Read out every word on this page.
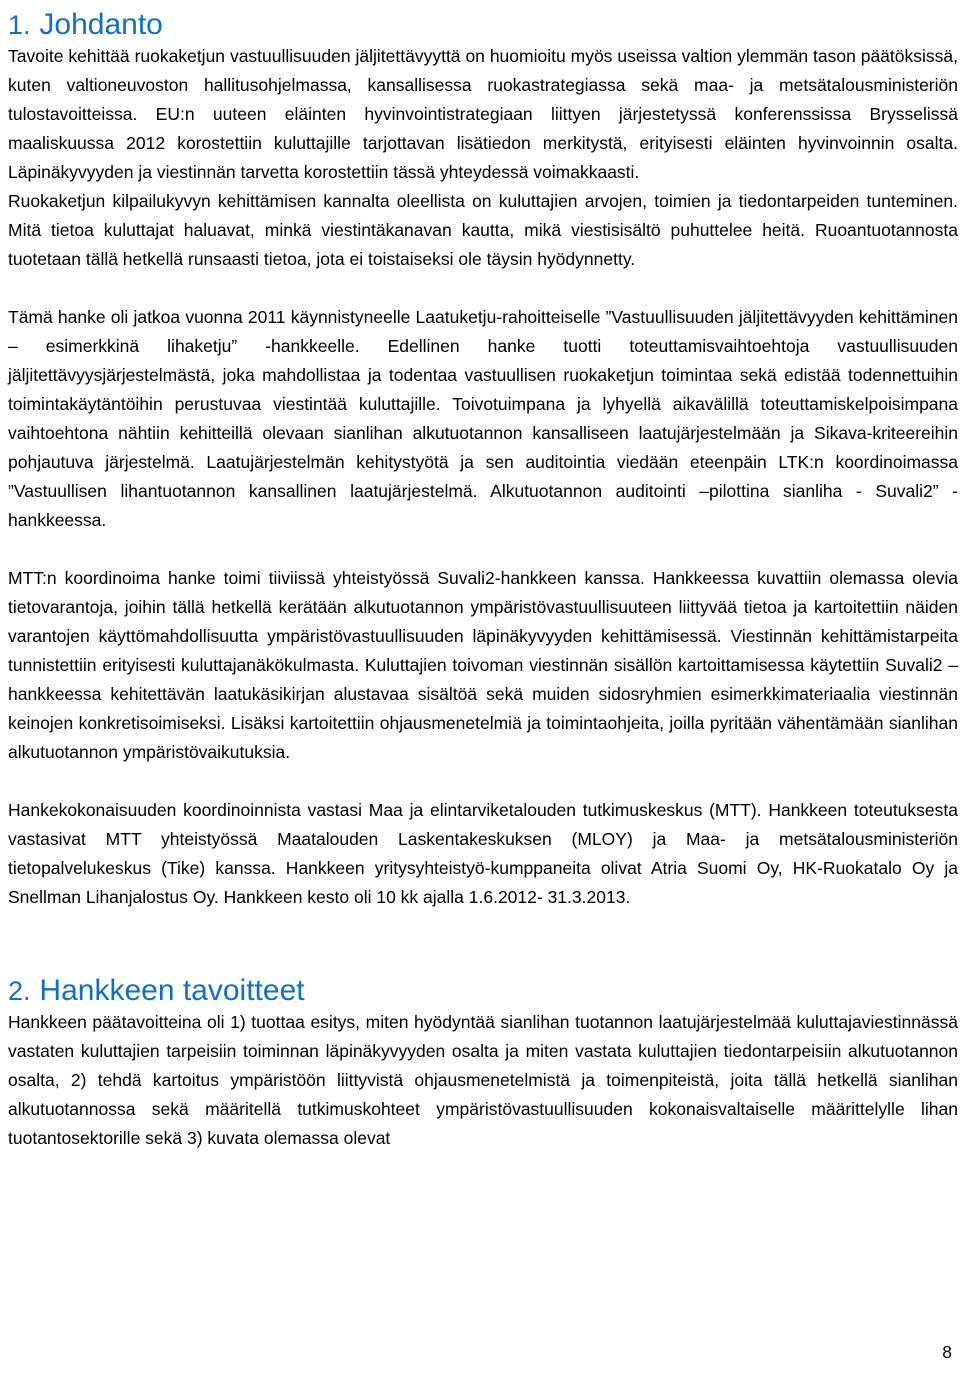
1. Johdanto

Tavoite kehittää ruokaketjun vastuullisuuden jäljitettävyyttä on huomioitu myös useissa valtion ylemmän tason päätöksissä, kuten valtioneuvoston hallitusohjelmassa, kansallisessa ruokastrategiassa sekä maa- ja metsätalousministeriön tulostavoitteissa. EU:n uuteen eläinten hyvinvointistrategiaan liittyen järjestetyssä konferenssissa Brysselissä maaliskuussa 2012 korostettiin kuluttajille tarjottavan lisätiedon merkitystä, erityisesti eläinten hyvinvoinnin osalta. Läpinäkyvyyden ja viestinnän tarvetta korostettiin tässä yhteydessä voimakkaasti.

Ruokaketjun kilpailukyvyn kehittämisen kannalta oleellista on kuluttajien arvojen, toimien ja tiedontarpeiden tunteminen. Mitä tietoa kuluttajat haluavat, minkä viestintäkanavan kautta, mikä viestisisältö puhuttelee heitä. Ruoantuotannosta tuotetaan tällä hetkellä runsaasti tietoa, jota ei toistaiseksi ole täysin hyödynnetty.

Tämä hanke oli jatkoa vuonna 2011 käynnistyneelle Laatuketju-rahoitteiselle ”Vastuullisuuden jäljitettävyyden kehittäminen – esimerkkinä lihaketju” -hankkeelle. Edellinen hanke tuotti toteuttamisvaihtoehtoja vastuullisuuden jäljitettävyysjärjestelmästä, joka mahdollistaa ja todentaa vastuullisen ruokaketjun toimintaa sekä edistää todennettuihin toimintakäytäntöihin perustuvaa viestintää kuluttajille. Toivotuimpana ja lyhyellä aikavälillä toteuttamiskelpoisimpana vaihtoehtona nähtiin kehitteillä olevaan sianlihan alkutuotannon kansalliseen laatujärjestelmään ja Sikava-kriteereihin pohjautuva järjestelmä. Laatujärjestelmän kehitystyötä ja sen auditointia viedään eteenpäin LTK:n koordinoimassa ”Vastuullisen lihantuotannon kansallinen laatujärjestelmä. Alkutuotannon auditointi –pilottina sianliha - Suvali2” -hankkeessa.

MTT:n koordinoima hanke toimi tiiviissä yhteistyössä Suvali2-hankkeen kanssa. Hankkeessa kuvattiin olemassa olevia tietovarantoja, joihin tällä hetkellä kerätään alkutuotannon ympäristövastuullisuuteen liittyvää tietoa ja kartoitettiin näiden varantojen käyttömahdollisuutta ympäristövastuullisuuden läpinäkyvyyden kehittämisessä. Viestinnän kehittämistarpeita tunnistettiin erityisesti kuluttajanäkökulmasta. Kuluttajien toivoman viestinnän sisällön kartoittamisessa käytettiin Suvali2 –hankkeessa kehitettävän laatukäsikirjan alustavaa sisältöä sekä muiden sidosryhmien esimerkkimateriaalia viestinnän keinojen konkretisoimiseksi. Lisäksi kartoitettiin ohjausmenetelmiä ja toimintaohjeita, joilla pyritään vähentämään sianlihan alkutuotannon ympäristövaikutuksia.

Hankekokonaisuuden koordinoinnista vastasi Maa ja elintarviketalouden tutkimuskeskus (MTT). Hankkeen toteutuksesta vastasivat MTT yhteistyössä Maatalouden Laskentakeskuksen (MLOY) ja Maa- ja metsätalousministeriön tietopalvelukeskus (Tike) kanssa. Hankkeen yritysyhteistyö-kumppaneita olivat Atria Suomi Oy, HK-Ruokatalo Oy ja Snellman Lihanjalostus Oy. Hankkeen kesto oli 10 kk ajalla 1.6.2012- 31.3.2013.

2. Hankkeen tavoitteet

Hankkeen päätavoitteina oli 1) tuottaa esitys, miten hyödyntää sianlihan tuotannon laatujärjestelmää kuluttajaviestinnässä vastaten kuluttajien tarpeisiin toiminnan läpinäkyvyyden osalta ja miten vastata kuluttajien tiedontarpeisiin alkutuotannon osalta, 2) tehdä kartoitus ympäristöön liittyvistä ohjausmenetelmistä ja toimenpiteistä, joita tällä hetkellä sianlihan alkutuotannossa sekä määritellä tutkimuskohteet ympäristövastuullisuuden kokonaisvaltaiselle määrittelylle lihan tuotantosektorille sekä 3) kuvata olemassa olevat

8
